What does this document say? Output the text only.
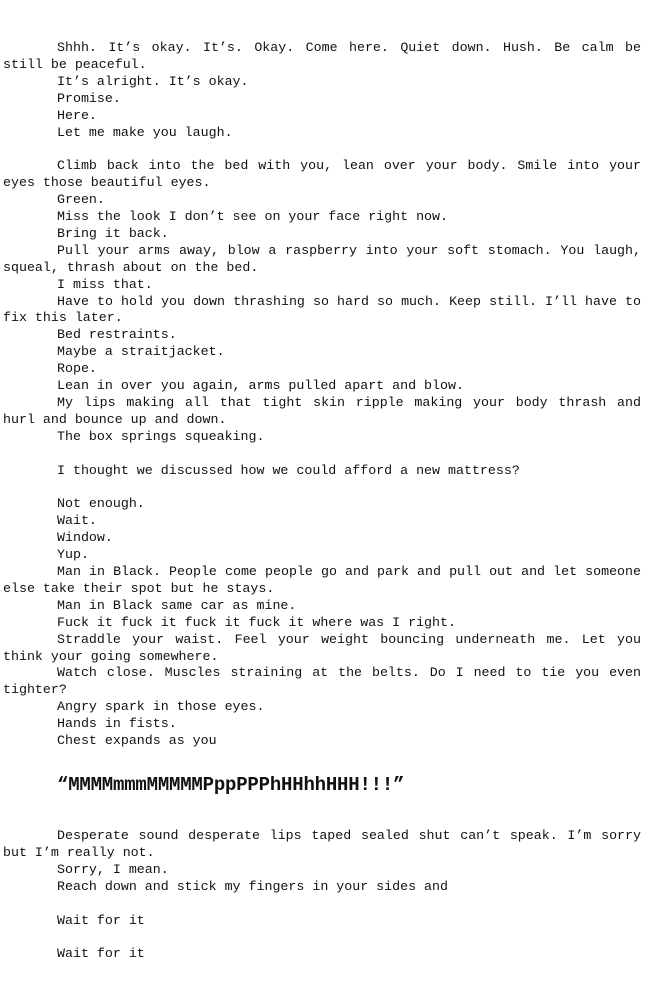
Shhh. It’s okay. It’s. Okay. Come here. Quiet down. Hush. Be calm be still be peaceful.

It’s alright. It’s okay.

Promise.

Here.

Let me make you laugh.

Climb back into the bed with you, lean over your body. Smile into your eyes those beautiful eyes.

Green.

Miss the look I don’t see on your face right now.

Bring it back.

Pull your arms away, blow a raspberry into your soft stomach. You laugh, squeal, thrash about on the bed.

I miss that.

Have to hold you down thrashing so hard so much. Keep still. I’ll have to fix this later.

Bed restraints.

Maybe a straitjacket.

Rope.

Lean in over you again, arms pulled apart and blow.

My lips making all that tight skin ripple making your body thrash and hurl and bounce up and down.

The box springs squeaking.

I thought we discussed how we could afford a new mattress?

Not enough.

Wait.

Window.

Yup.

Man in Black. People come people go and park and pull out and let someone else take their spot but he stays.

Man in Black same car as mine.

Fuck it fuck it fuck it fuck it where was I right.

Straddle your waist. Feel your weight bouncing underneath me. Let you think your going somewhere.

Watch close. Muscles straining at the belts. Do I need to tie you even tighter?

Angry spark in those eyes.

Hands in fists.

Chest expands as you

“MMMMmmmMMMMMPppPPPhHHhhHHH!!!”

Desperate sound desperate lips taped sealed shut can’t speak. I’m sorry but I’m really not.

Sorry, I mean.

Reach down and stick my fingers in your sides and

Wait for it

Wait for it
